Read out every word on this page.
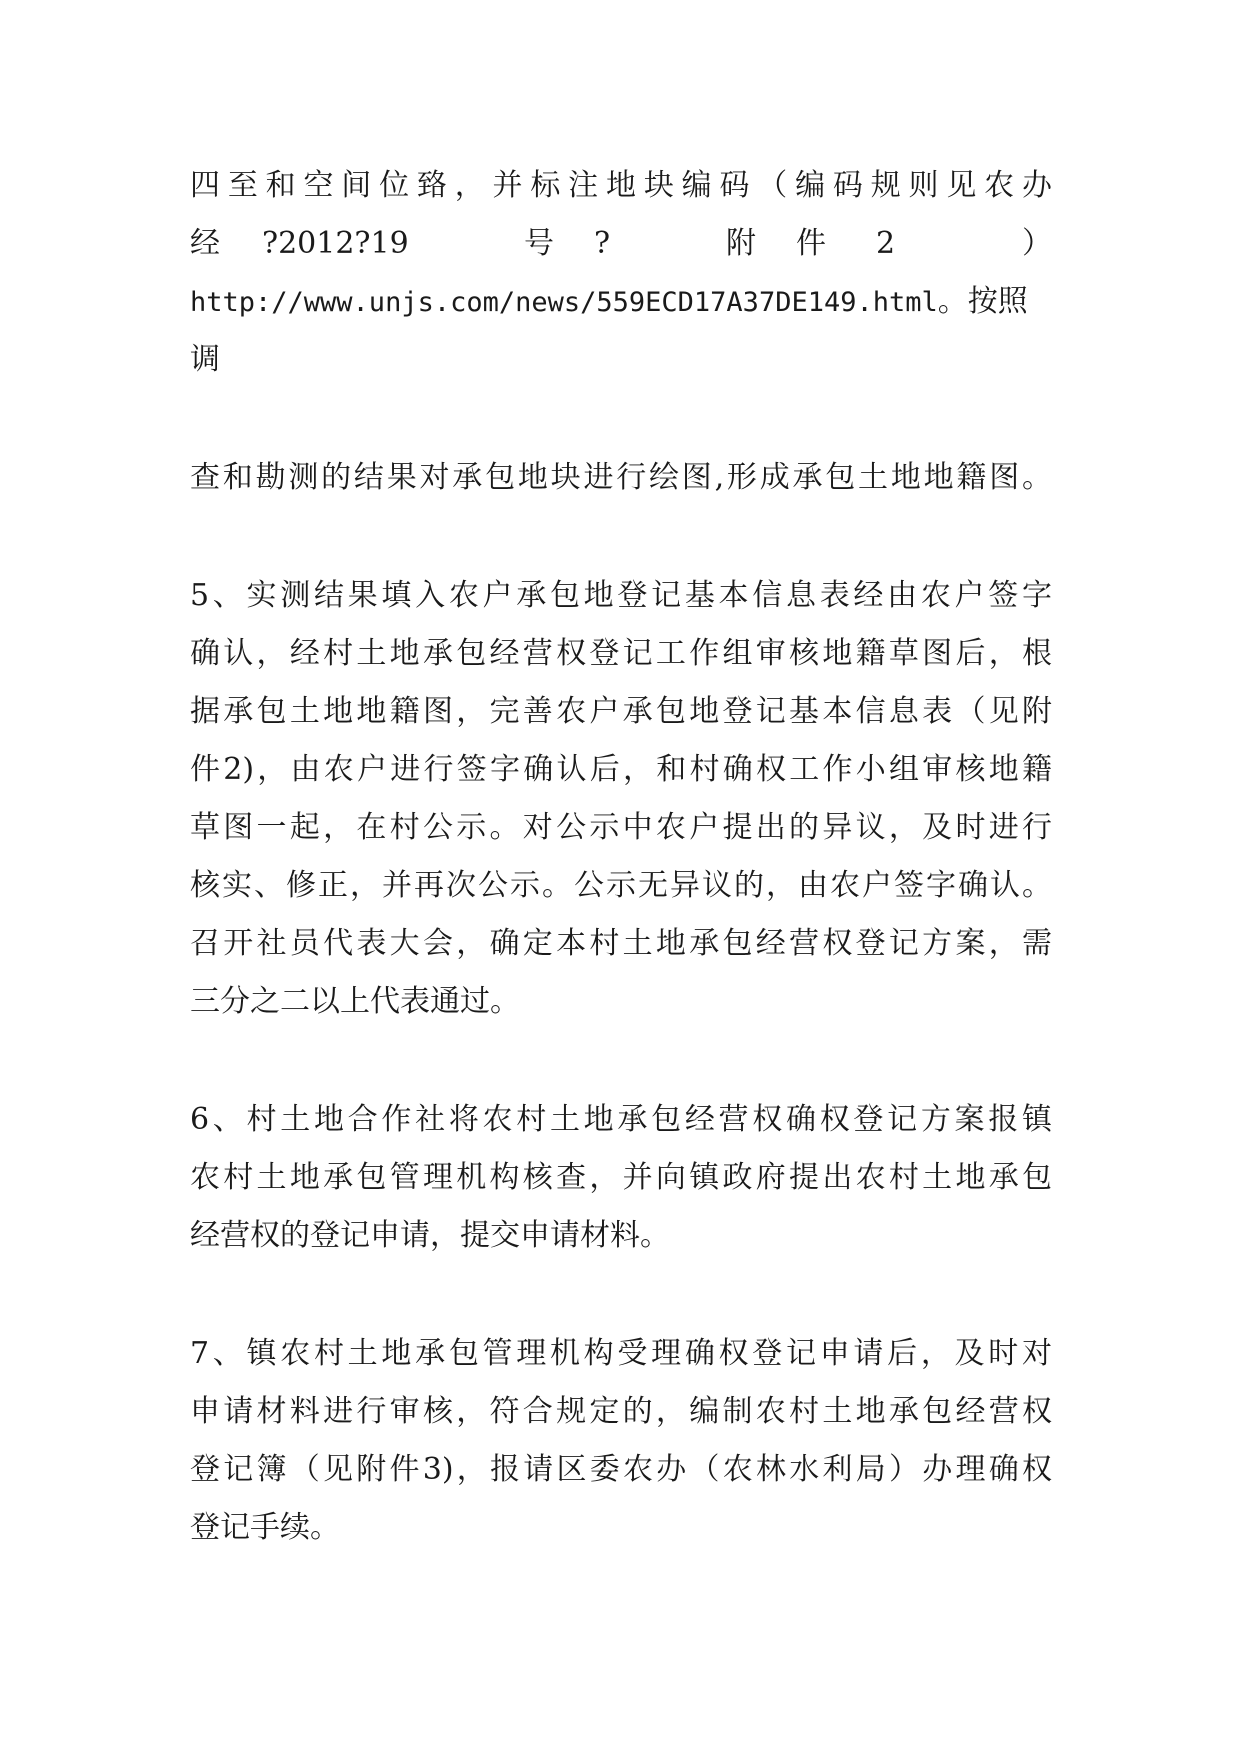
四至和空间位臵，并标注地块编码（编码规则见农办
经 ?2012?19	号 ?	附 件 2	）
http://www.unjs.com/news/559ECD17A37DE149.html。按照
调
查和勘测的结果对承包地块进行绘图,形成承包土地地籍图。
5、实测结果填入农户承包地登记基本信息表经由农户签字
确认，经村土地承包经营权登记工作组审核地籍草图后，根
据承包土地地籍图，完善农户承包地登记基本信息表（见附
件2)，由农户进行签字确认后，和村确权工作小组审核地籍
草图一起，在村公示。对公示中农户提出的异议，及时进行
核实、修正，并再次公示。公示无异议的，由农户签字确认。
召开社员代表大会，确定本村土地承包经营权登记方案，需
三分之二以上代表通过。
6、村土地合作社将农村土地承包经营权确权登记方案报镇
农村土地承包管理机构核查，并向镇政府提出农村土地承包
经营权的登记申请，提交申请材料。
7、镇农村土地承包管理机构受理确权登记申请后，及时对
申请材料进行审核，符合规定的，编制农村土地承包经营权
登记簿（见附件3)，报请区委农办（农林水利局）办理确权
登记手续。
